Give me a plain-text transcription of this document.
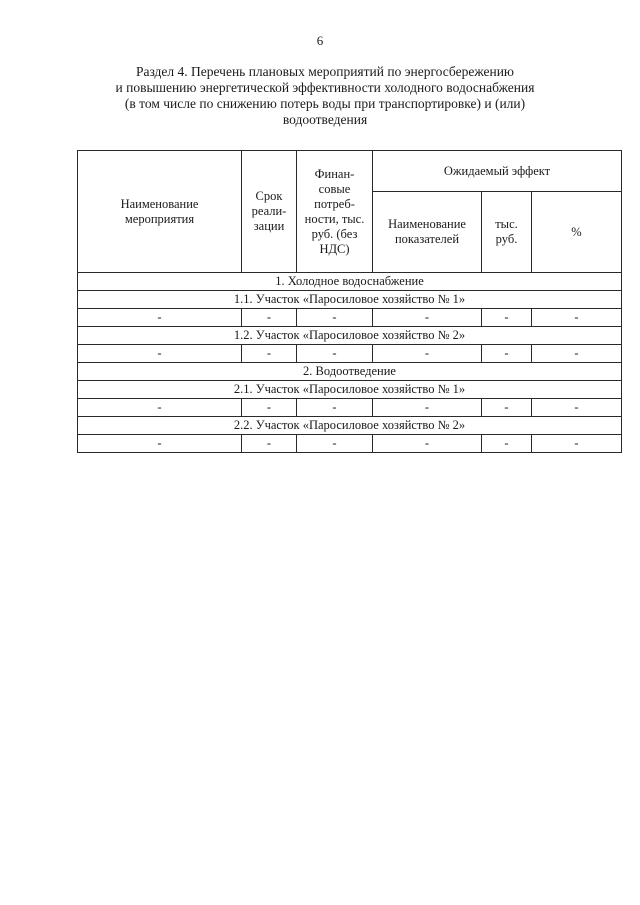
6
Раздел 4. Перечень плановых мероприятий по энергосбережению
и повышению энергетической эффективности холодного водоснабжения
(в том числе по снижению потерь воды при транспортировке) и (или)
водоотведения
Наименование мероприятия	Срок реали-зации	Финан-совые потреб-ности, тыс. руб. (без НДС)	Ожидаемый эффект		
			Наименование показателей	тыс. руб.	%
1. Холодное водоснабжение					
1.1. Участок «Паросиловое хозяйство № 1»					
-	-	-	-	-	-
1.2. Участок «Паросиловое хозяйство № 2»					
-	-	-	-	-	-
2. Водоотведение					
2.1. Участок «Паросиловое хозяйство № 1»					
-	-	-	-	-	-
2.2. Участок «Паросиловое хозяйство № 2»					
-	-	-	-	-	-
